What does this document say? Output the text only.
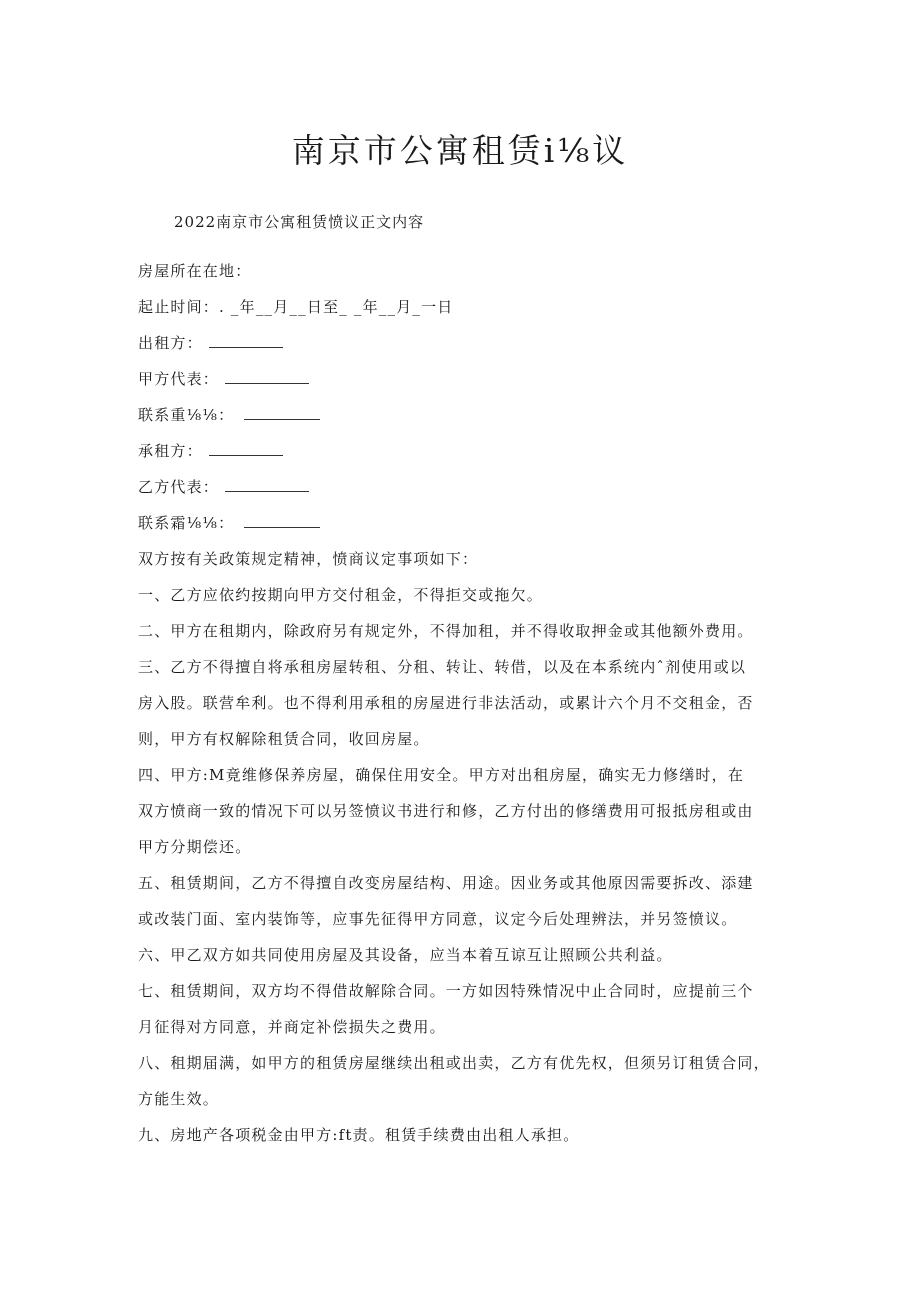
南京市公寓租赁i⅛议
2022南京市公寓租赁愤议正文内容
房屋所在在地：
起止时间：. _年__月__日至_ _年__月_一日
出租方：
甲方代表：
联系重⅛⅛：
承租方：
乙方代表：
联系霜⅛⅛：
双方按有关政策规定精神，愤商议定事项如下：
一、乙方应依约按期向甲方交付租金，不得拒交或拖欠。
二、甲方在租期内，除政府另有规定外，不得加租，并不得收取押金或其他额外费用。
三、乙方不得擅自将承租房屋转租、分租、转让、转借，以及在本系统内ˆ剂使用或以
房入股。联营牟利。也不得利用承租的房屋进行非法活动，或累计六个月不交租金，否
则，甲方有权解除租赁合同，收回房屋。
四、甲方:M竟维修保养房屋，确保住用安全。甲方对出租房屋，确实无力修缮时，在
双方愤商一致的情况下可以另签愤议书进行和修，乙方付出的修缮费用可报抵房租或由
甲方分期偿还。
五、租赁期间，乙方不得擅自改变房屋结构、用途。因业务或其他原因需要拆改、添建
或改装门面、室内装饰等，应事先征得甲方同意，议定今后处理辨法，并另签愤议。
六、甲乙双方如共同使用房屋及其设备，应当本着互谅互让照顾公共利益。
七、租赁期间，双方均不得借故解除合同。一方如因特殊情况中止合同时，应提前三个
月征得对方同意，并商定补偿损失之费用。
八、租期届满，如甲方的租赁房屋继续出租或出卖，乙方有优先权，但须另订租赁合同，
方能生效。
九、房地产各项税金由甲方:ft责。租赁手续费由出租人承担。
